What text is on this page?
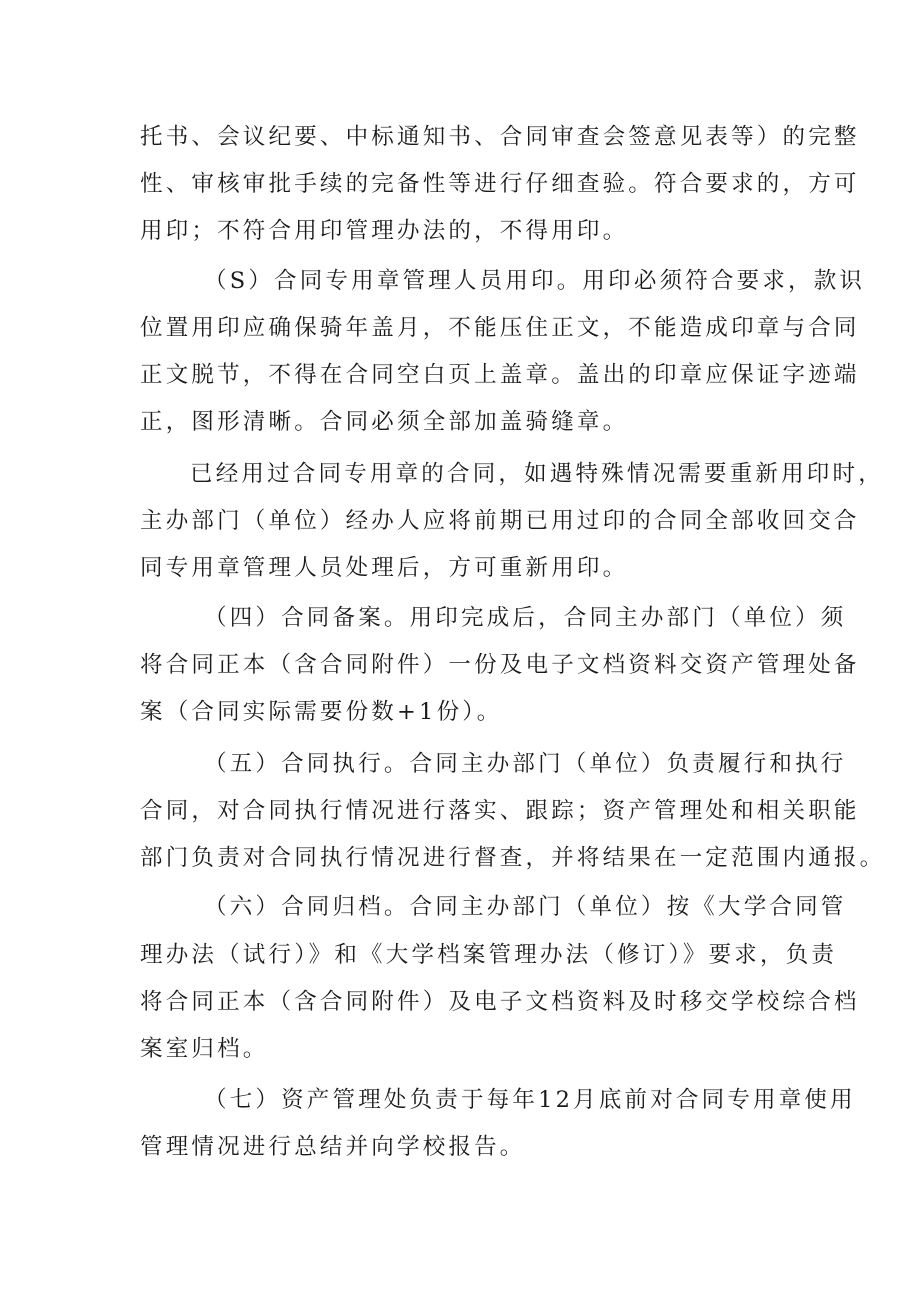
托书、会议纪要、中标通知书、合同审查会签意见表等）的完整
性、审核审批手续的完备性等进行仔细查验。符合要求的，方可
用印；不符合用印管理办法的，不得用印。
（S）合同专用章管理人员用印。用印必须符合要求，款识
位置用印应确保骑年盖月，不能压住正文，不能造成印章与合同
正文脱节，不得在合同空白页上盖章。盖出的印章应保证字迹端
正，图形清晰。合同必须全部加盖骑缝章。
已经用过合同专用章的合同，如遇特殊情况需要重新用印时，
主办部门（单位）经办人应将前期已用过印的合同全部收回交合
同专用章管理人员处理后，方可重新用印。
（四）合同备案。用印完成后，合同主办部门（单位）须
将合同正本（含合同附件）一份及电子文档资料交资产管理处备
案（合同实际需要份数+1份）。
（五）合同执行。合同主办部门（单位）负责履行和执行
合同，对合同执行情况进行落实、跟踪；资产管理处和相关职能
部门负责对合同执行情况进行督查，并将结果在一定范围内通报。
（六）合同归档。合同主办部门（单位）按《大学合同管
理办法（试行）》和《大学档案管理办法（修订）》要求，负责
将合同正本（含合同附件）及电子文档资料及时移交学校综合档
案室归档。
（七）资产管理处负责于每年12月底前对合同专用章使用
管理情况进行总结并向学校报告。
